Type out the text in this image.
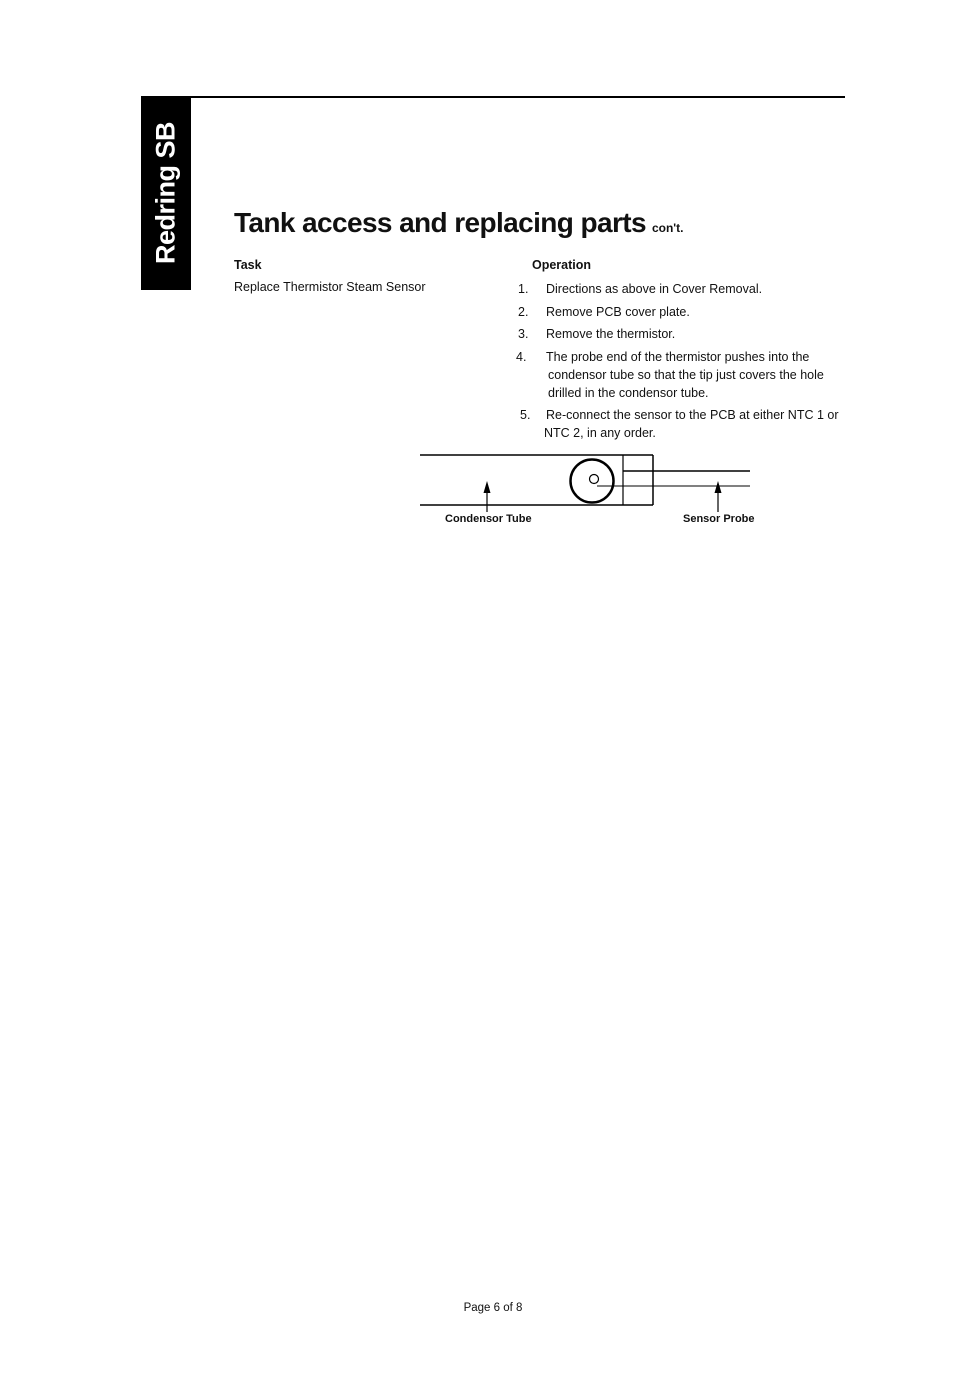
Redring SB Tank access and replacing parts con't.
Task	Operation
Replace Thermistor Steam Sensor	1. Directions as above in Cover Removal.
2. Remove PCB cover plate.
3. Remove the thermistor.
4. The probe end of the thermistor pushes into the condensor tube so that the tip just covers the hole drilled in the condensor tube.
5. Re-connect the sensor to the PCB at either NTC 1 or NTC 2, in any order.
Condensor Tube	Sensor Probe
Page 6 of 8
